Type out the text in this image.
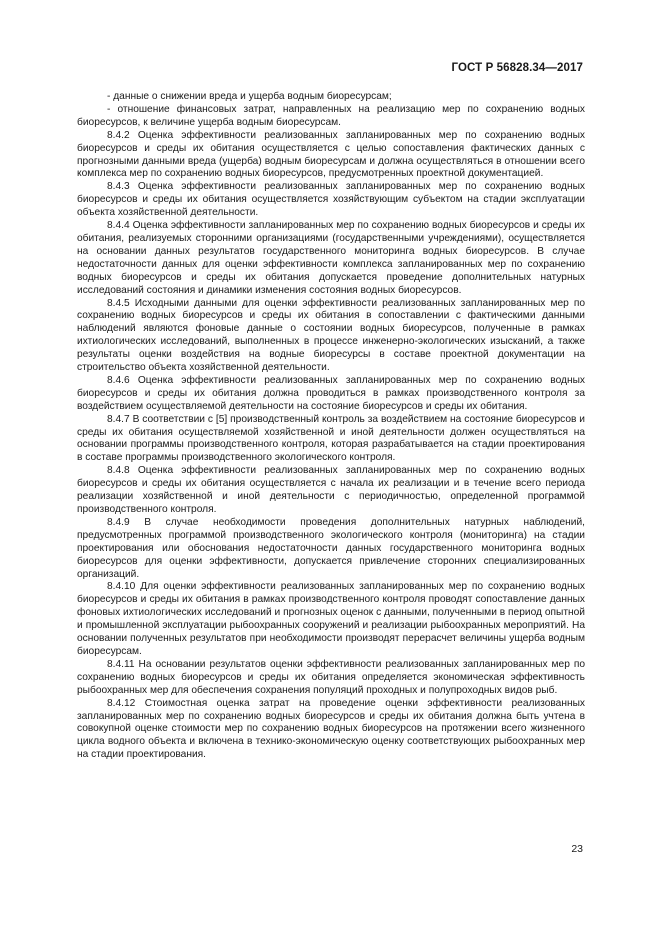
ГОСТ Р 56828.34—2017

- данные о снижении вреда и ущерба водным биоресурсам;

- отношение финансовых затрат, направленных на реализацию мер по сохранению водных биоресурсов, к величине ущерба водным биоресурсам.

8.4.2 Оценка эффективности реализованных запланированных мер по сохранению водных биоресурсов и среды их обитания осуществляется с целью сопоставления фактических данных с прогнозными данными вреда (ущерба) водным биоресурсам и должна осуществляться в отношении всего комплекса мер по сохранению водных биоресурсов, предусмотренных проектной документацией.

8.4.3 Оценка эффективности реализованных запланированных мер по сохранению водных биоресурсов и среды их обитания осуществляется хозяйствующим субъектом на стадии эксплуатации объекта хозяйственной деятельности.

8.4.4 Оценка эффективности запланированных мер по сохранению водных биоресурсов и среды их обитания, реализуемых сторонними организациями (государственными учреждениями), осуществляется на основании данных результатов государственного мониторинга водных биоресурсов. В случае недостаточности данных для оценки эффективности комплекса запланированных мер по сохранению водных биоресурсов и среды их обитания допускается проведение дополнительных натурных исследований состояния и динамики изменения состояния водных биоресурсов.

8.4.5 Исходными данными для оценки эффективности реализованных запланированных мер по сохранению водных биоресурсов и среды их обитания в сопоставлении с фактическими данными наблюдений являются фоновые данные о состоянии водных биоресурсов, полученные в рамках ихтиологических исследований, выполненных в процессе инженерно-экологических изысканий, а также результаты оценки воздействия на водные биоресурсы в составе проектной документации на строительство объекта хозяйственной деятельности.

8.4.6 Оценка эффективности реализованных запланированных мер по сохранению водных биоресурсов и среды их обитания должна проводиться в рамках производственного контроля за воздействием осуществляемой деятельности на состояние биоресурсов и среды их обитания.

8.4.7 В соответствии с [5] производственный контроль за воздействием на состояние биоресурсов и среды их обитания осуществляемой хозяйственной и иной деятельности должен осуществляться на основании программы производственного контроля, которая разрабатывается на стадии проектирования в составе программы производственного экологического контроля.

8.4.8 Оценка эффективности реализованных запланированных мер по сохранению водных биоресурсов и среды их обитания осуществляется с начала их реализации и в течение всего периода реализации хозяйственной и иной деятельности с периодичностью, определенной программой производственного контроля.

8.4.9 В случае необходимости проведения дополнительных натурных наблюдений, предусмотренных программой производственного экологического контроля (мониторинга) на стадии проектирования или обоснования недостаточности данных государственного мониторинга водных биоресурсов для оценки эффективности, допускается привлечение сторонних специализированных организаций.

8.4.10 Для оценки эффективности реализованных запланированных мер по сохранению водных биоресурсов и среды их обитания в рамках производственного контроля проводят сопоставление данных фоновых ихтиологических исследований и прогнозных оценок с данными, полученными в период опытной и промышленной эксплуатации рыбоохранных сооружений и реализации рыбоохранных мероприятий. На основании полученных результатов при необходимости производят перерасчет величины ущерба водным биоресурсам.

8.4.11 На основании результатов оценки эффективности реализованных запланированных мер по сохранению водных биоресурсов и среды их обитания определяется экономическая эффективность рыбоохранных мер для обеспечения сохранения популяций проходных и полупроходных видов рыб.

8.4.12 Стоимостная оценка затрат на проведение оценки эффективности реализованных запланированных мер по сохранению водных биоресурсов и среды их обитания должна быть учтена в совокупной оценке стоимости мер по сохранению водных биоресурсов на протяжении всего жизненного цикла водного объекта и включена в технико-экономическую оценку соответствующих рыбоохранных мер на стадии проектирования.

23
